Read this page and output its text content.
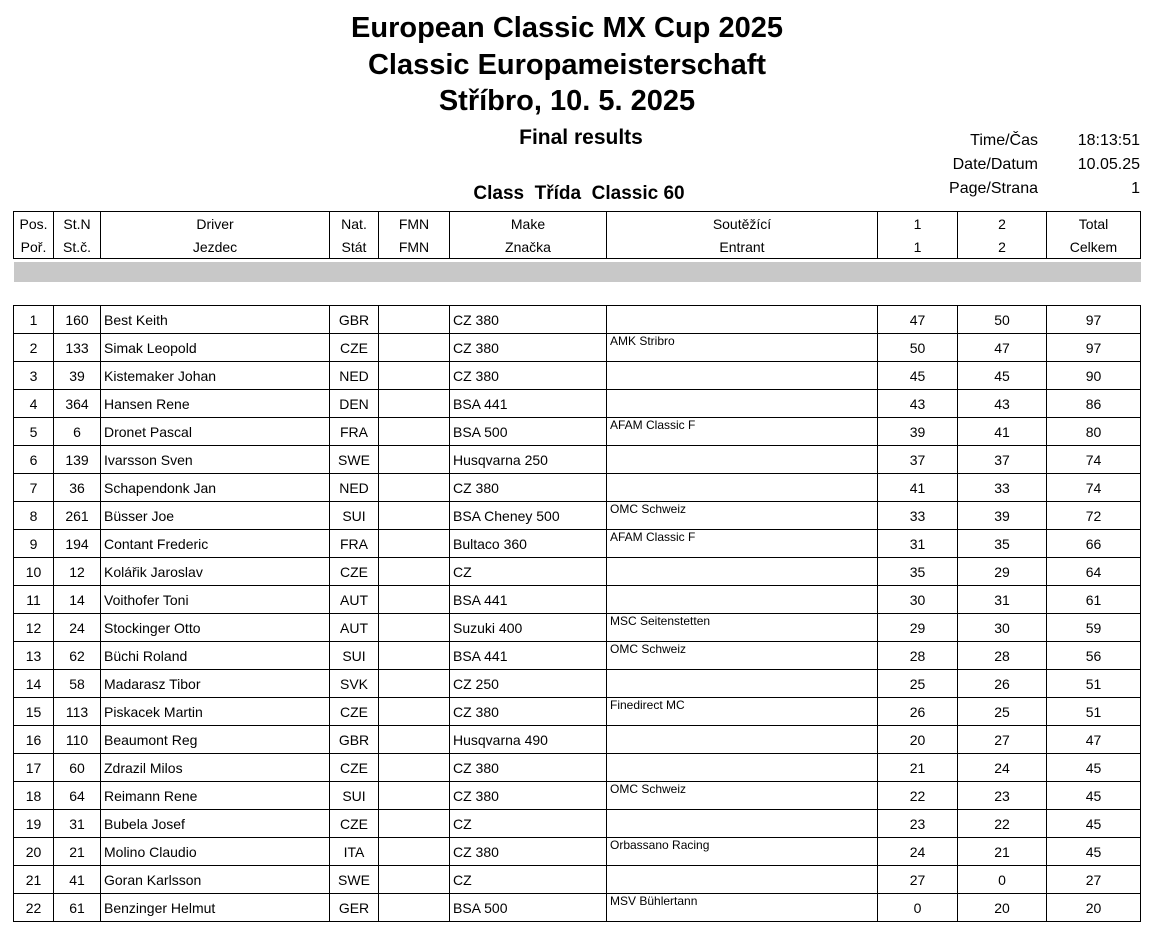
European Classic MX Cup 2025
Classic Europameisterschaft
Stříbro, 10. 5. 2025
Final results
Class  Třída  Classic 60
Time/Čas 18:13:51
Date/Datum 10.05.25
Page/Strana	1
Pos.	St.N	Driver	Nat.	FMN	Make	Soutěžící	1	2	Total
Poř.	St.č.	Jezdec	Stát	FMN	Značka	Entrant	1	2	Celkem

1	160	Best Keith	GBR		CZ 380		47	50	97
2	133	Simak Leopold	CZE		CZ 380	AMK Stribro	50	47	97
3	39	Kistemaker Johan	NED		CZ 380		45	45	90
4	364	Hansen Rene	DEN		BSA 441		43	43	86
5	6	Dronet Pascal	FRA		BSA 500	AFAM Classic F	39	41	80
6	139	Ivarsson Sven	SWE		Husqvarna 250		37	37	74
7	36	Schapendonk Jan	NED		CZ 380		41	33	74
8	261	Büsser Joe	SUI		BSA Cheney 500	OMC Schweiz	33	39	72
9	194	Contant Frederic	FRA		Bultaco 360	AFAM Classic F	31	35	66
10	12	Kolářik Jaroslav	CZE		CZ		35	29	64
11	14	Voithofer Toni	AUT		BSA 441		30	31	61
12	24	Stockinger Otto	AUT		Suzuki 400	MSC Seitenstetten	29	30	59
13	62	Büchi Roland	SUI		BSA 441	OMC Schweiz	28	28	56
14	58	Madarasz Tibor	SVK		CZ 250		25	26	51
15	113	Piskacek Martin	CZE		CZ 380	Finedirect MC	26	25	51
16	110	Beaumont Reg	GBR		Husqvarna 490		20	27	47
17	60	Zdrazil Milos	CZE		CZ 380		21	24	45
18	64	Reimann Rene	SUI		CZ 380	OMC Schweiz	22	23	45
19	31	Bubela Josef	CZE		CZ		23	22	45
20	21	Molino Claudio	ITA		CZ 380	Orbassano Racing	24	21	45
21	41	Goran Karlsson	SWE		CZ		27	0	27
22	61	Benzinger Helmut	GER		BSA 500	MSV Bühlertann	0	20	20
